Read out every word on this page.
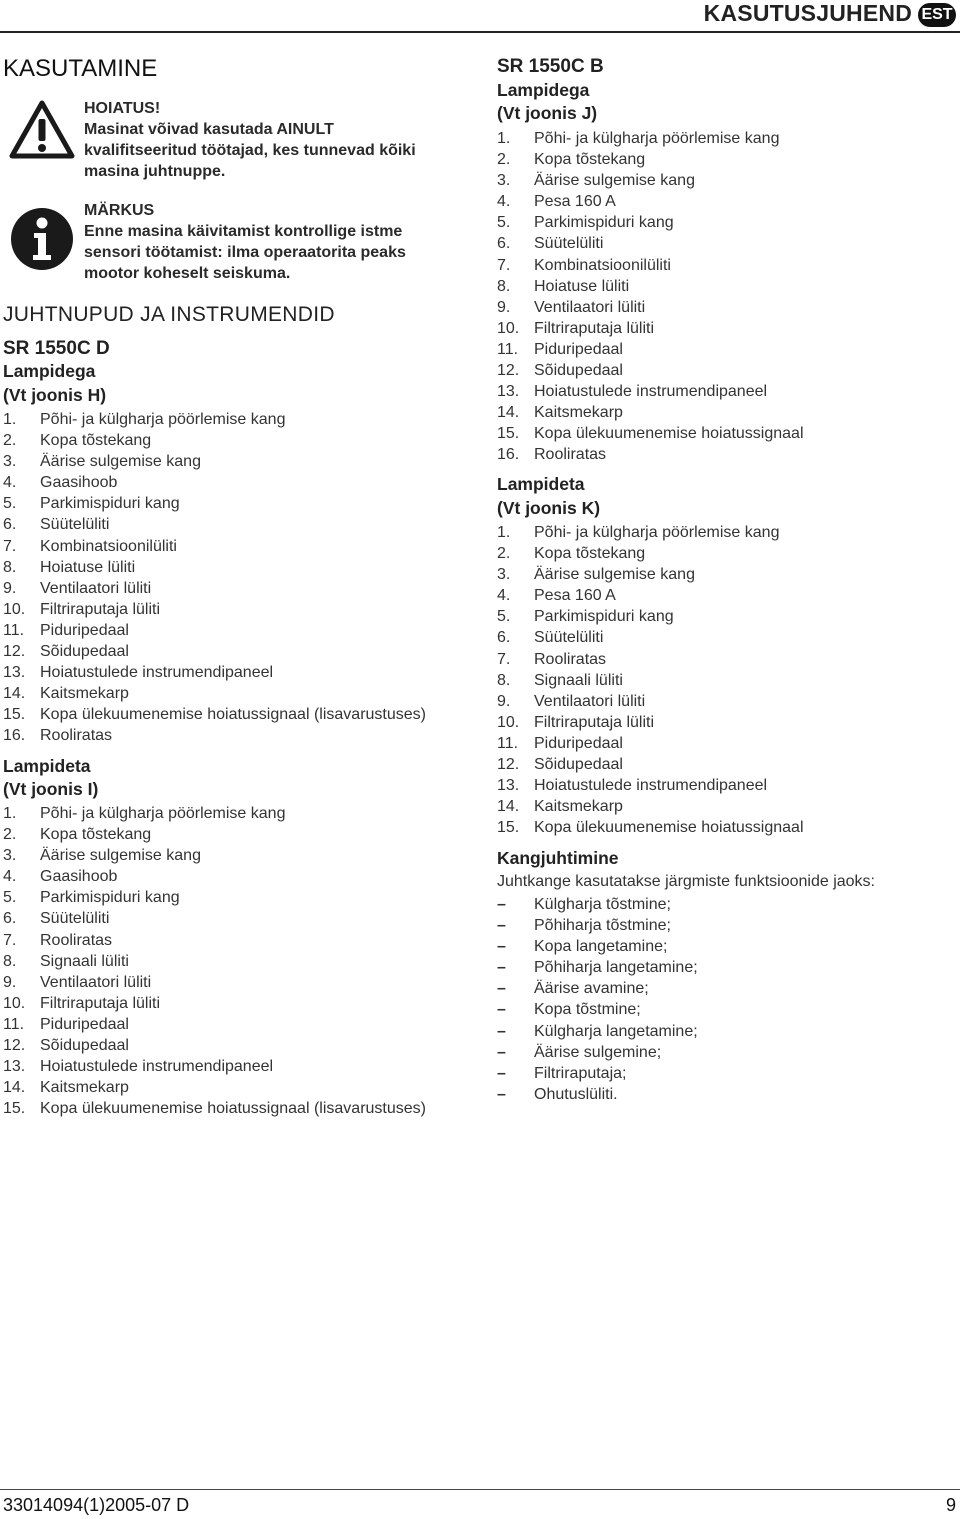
KASUTUSJUHEND EST
KASUTAMINE
HOIATUS!
Masinat võivad kasutada AINULT
kvalifitseeritud töötajad, kes tunnevad kõiki
masina juhtnuppe.
MÄRKUS
Enne masina käivitamist kontrollige istme
sensori töötamist: ilma operaatorita peaks
mootor koheselt seiskuma.
JUHTNUPUD JA INSTRUMENDID
SR 1550C D
Lampidega
(Vt joonis H)
1. Põhi- ja külgharja pöörlemise kang
2. Kopa tõstekang
3. Äärise sulgemise kang
4. Gaasihoob
5. Parkimispiduri kang
6. Süütelüliti
7. Kombinatsioonilüliti
8. Hoiatuse lüliti
9. Ventilaatori lüliti
10. Filtriraputaja lüliti
11. Piduripedaal
12. Sõidupedaal
13. Hoiatustulede instrumendipaneel
14. Kaitsmekarp
15. Kopa ülekuumenemise hoiatussignaal (lisavarustuses)
16. Rooliratas
Lampideta
(Vt joonis I)
1. Põhi- ja külgharja pöörlemise kang
2. Kopa tõstekang
3. Äärise sulgemise kang
4. Gaasihoob
5. Parkimispiduri kang
6. Süütelüliti
7. Rooliratas
8. Signaali lüliti
9. Ventilaatori lüliti
10. Filtriraputaja lüliti
11. Piduripedaal
12. Sõidupedaal
13. Hoiatustulede instrumendipaneel
14. Kaitsmekarp
15. Kopa ülekuumenemise hoiatussignaal (lisavarustuses)
SR 1550C B
Lampidega
(Vt joonis J)
1. Põhi- ja külgharja pöörlemise kang
2. Kopa tõstekang
3. Äärise sulgemise kang
4. Pesa 160 A
5. Parkimispiduri kang
6. Süütelüliti
7. Kombinatsioonilüliti
8. Hoiatuse lüliti
9. Ventilaatori lüliti
10. Filtriraputaja lüliti
11. Piduripedaal
12. Sõidupedaal
13. Hoiatustulede instrumendipaneel
14. Kaitsmekarp
15. Kopa ülekuumenemise hoiatussignaal
16. Rooliratas
Lampideta
(Vt joonis K)
1. Põhi- ja külgharja pöörlemise kang
2. Kopa tõstekang
3. Äärise sulgemise kang
4. Pesa 160 A
5. Parkimispiduri kang
6. Süütelüliti
7. Rooliratas
8. Signaali lüliti
9. Ventilaatori lüliti
10. Filtriraputaja lüliti
11. Piduripedaal
12. Sõidupedaal
13. Hoiatustulede instrumendipaneel
14. Kaitsmekarp
15. Kopa ülekuumenemise hoiatussignaal
Kangjuhtimine
Juhtkange kasutatakse järgmiste funktsioonide jaoks:
– Külgharja tõstmine;
– Põhiharja tõstmine;
– Kopa langetamine;
– Põhiharja langetamine;
– Äärise avamine;
– Kopa tõstmine;
– Külgharja langetamine;
– Äärise sulgemine;
– Filtriraputaja;
– Ohutuslüliti.
33014094(1)2005-07 D	9
